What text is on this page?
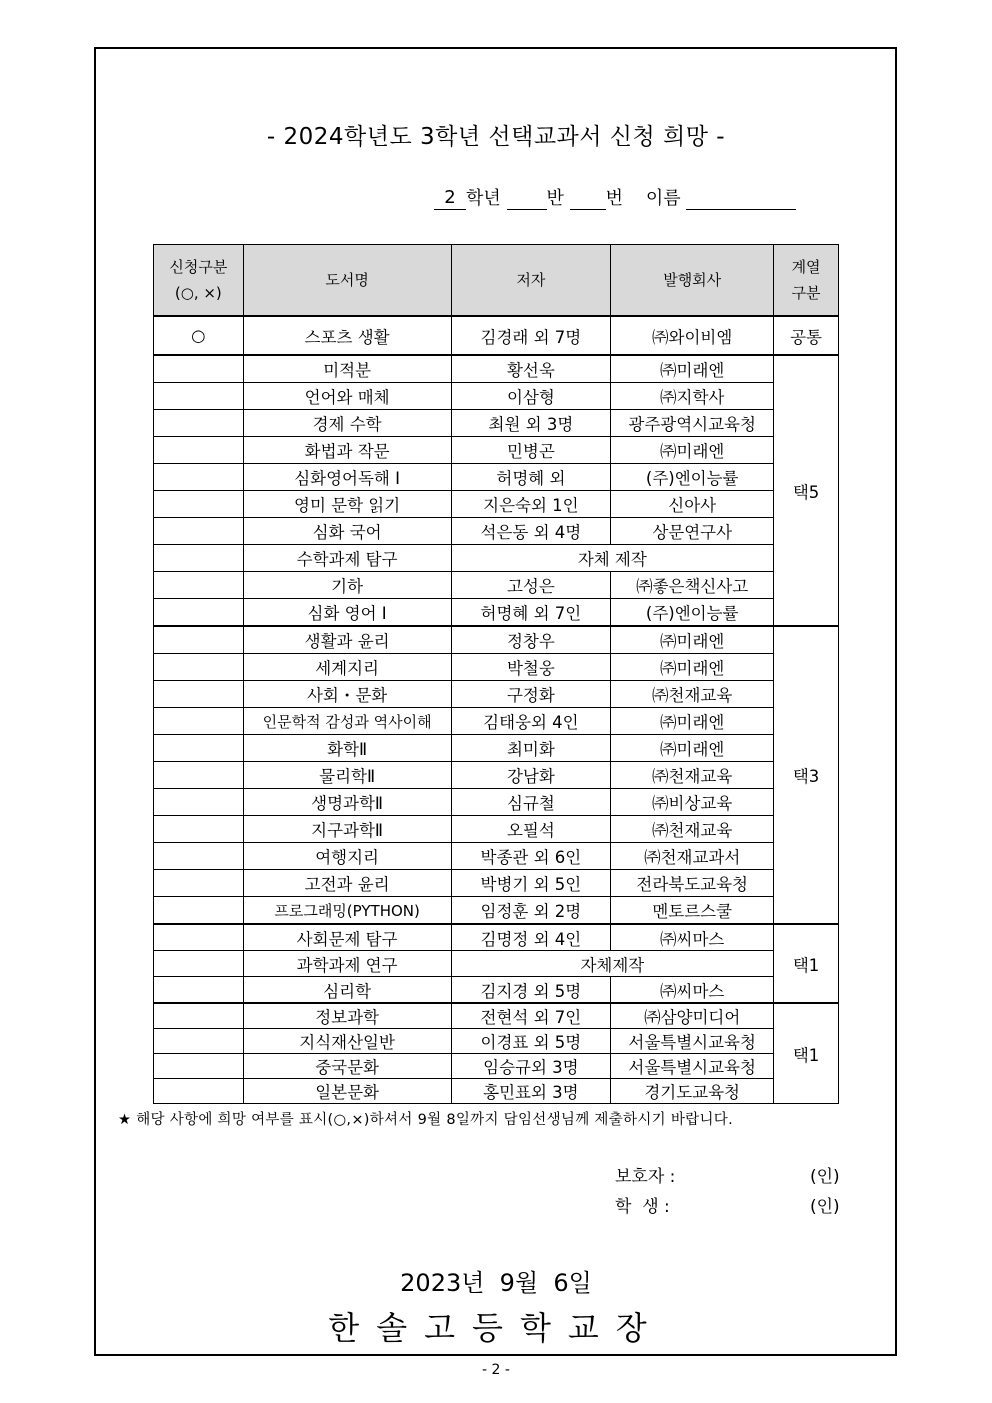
- 2024학년도 3학년 선택교과서 신청 희망 -
2 학년	반 번 이름
신청구분
(○, ×)	도서명	저자	발행회사	계열
구분
○	스포츠 생활	김경래 외 7명	㈜와이비엠	공통
	미적분	황선욱	㈜미래엔	택5
	언어와 매체	이삼형	㈜지학사	
	경제 수학	최원 외 3명	광주광역시교육청	
	화법과 작문	민병곤	㈜미래엔	
	심화영어독해 Ⅰ	허명혜 외	(주)엔이능률	
	영미 문학 읽기	지은숙외 1인	신아사	
	심화 국어	석은동 외 4명	상문연구사	
	수학과제 탐구	자체 제작		
	기하	고성은	㈜좋은책신사고	
	심화 영어 Ⅰ	허명혜 외 7인	(주)엔이능률	
	생활과 윤리	정창우	㈜미래엔	택3
	세계지리	박철웅	㈜미래엔	
	사회・문화	구정화	㈜천재교육	
	인문학적 감성과 역사이해	김태웅외 4인	㈜미래엔	
	화학Ⅱ	최미화	㈜미래엔	
	물리학Ⅱ	강남화	㈜천재교육	
	생명과학Ⅱ	심규철	㈜비상교육	
	지구과학Ⅱ	오필석	㈜천재교육	
	여행지리	박종관 외 6인	㈜천재교과서	
	고전과 윤리	박병기 외 5인	전라북도교육청	
	프로그래밍(PYTHON)	임정훈 외 2명	멘토르스쿨	
	사회문제 탐구	김명정 외 4인	㈜씨마스	택1
	과학과제 연구	자체제작		
	심리학	김지경 외 5명	㈜씨마스	
	정보과학	전현석 외 7인	㈜삼양미디어	택1
	지식재산일반	이경표 외 5명	서울특별시교육청	
	중국문화	임승규외 3명	서울특별시교육청	
	일본문화	홍민표외 3명	경기도교육청	
★ 해당 사항에 희망 여부를 표시(○,×)하셔서 9월 8일까지 담임선생님께 제출하시기 바랍니다.
보호자 :	(인)
학  생 :	(인)
2023년  9월  6일
한솔고등학교장
- 2 -
